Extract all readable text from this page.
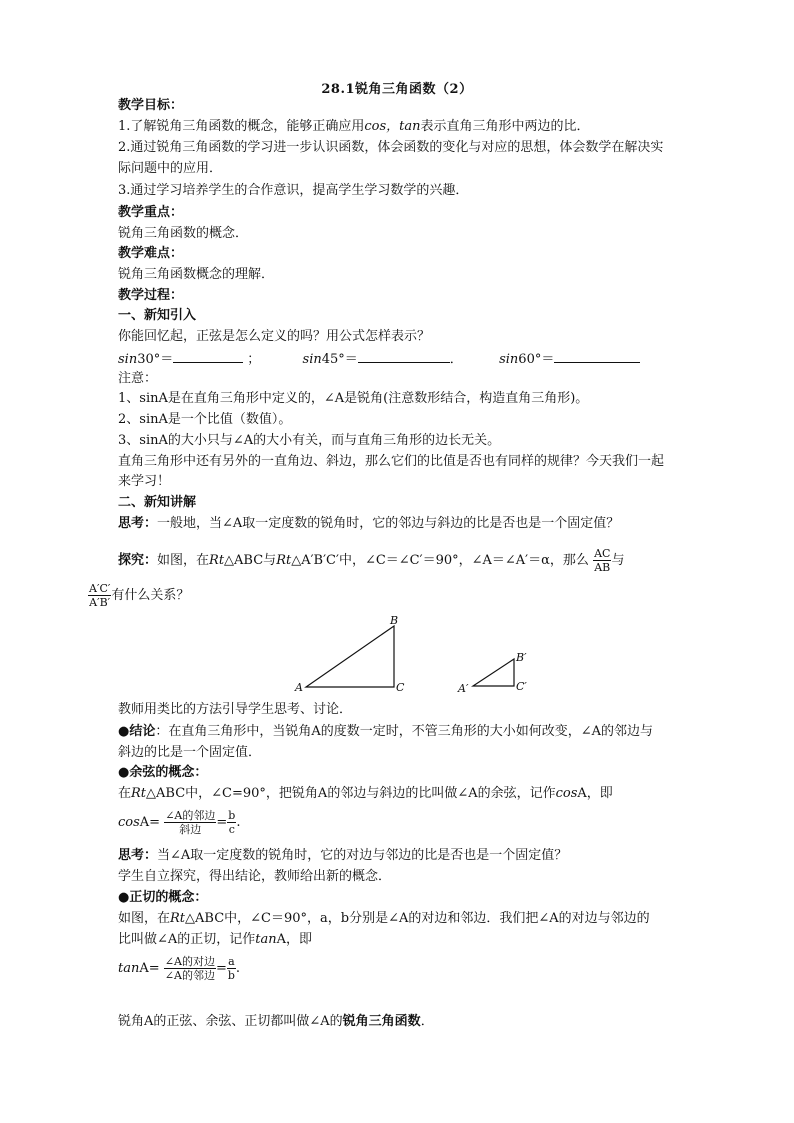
28.1锐角三角函数（2）
教学目标：
1.了解锐角三角函数的概念，能够正确应用cos，tan表示直角三角形中两边的比．
2.通过锐角三角函数的学习进一步认识函数，体会函数的变化与对应的思想，体会数学在解决实
际问题中的应用．
3.通过学习培养学生的合作意识，提高学生学习数学的兴趣．
教学重点：
锐角三角函数的概念．
教学难点：
锐角三角函数概念的理解．
教学过程：
一、新知引入
你能回忆起，正弦是怎么定义的吗？用公式怎样表示？
sin30°＝	；	sin45°＝	．	sin60°＝
注意：
1、sinA是在直角三角形中定义的，∠A是锐角(注意数形结合，构造直角三角形)。
2、sinA是一个比值（数值）。
3、sinA的大小只与∠A的大小有关，而与直角三角形的边长无关。
直角三角形中还有另外的一直角边、斜边，那么它们的比值是否也有同样的规律？今天我们一起
来学习！
二、新知讲解
思考：一般地，当∠A取一定度数的锐角时，它的邻边与斜边的比是否也是一个固定值？
探究：如图，在Rt△ABC与Rt△A′B′C′中，∠C＝∠C′＝90°，∠A＝∠A′＝α，那么 $\frac{AC}{AB}$ 与
$\frac{A'C'}{A'B'}$ 有什么关系？
A
B
C	A′
B′
C′
教师用类比的方法引导学生思考、讨论．
●结论：在直角三角形中，当锐角A的度数一定时，不管三角形的大小如何改变，∠A的邻边与
斜边的比是一个固定值．
●余弦的概念：
在Rt△ABC中，∠C=90°，把锐角A的邻边与斜边的比叫做∠A的余弦，记作cosA，即
$\cos A= \frac{\text{∠A的邻边}}{\text{斜边}} = \frac{b}{c}$ .
思考：当∠A取一定度数的锐角时，它的对边与邻边的比是否也是一个固定值？
学生自立探究，得出结论，教师给出新的概念．
●正切的概念：
如图，在Rt△ABC中，∠C＝90°，a，b分别是∠A的对边和邻边．我们把∠A的对边与邻边的
比叫做∠A的正切，记作tanA，即
$\tan A= \frac{\text{∠A的对边}}{\text{∠A的邻边}} = \frac{a}{b}$ .
锐角A的正弦、余弦、正切都叫做∠A的锐角三角函数．
